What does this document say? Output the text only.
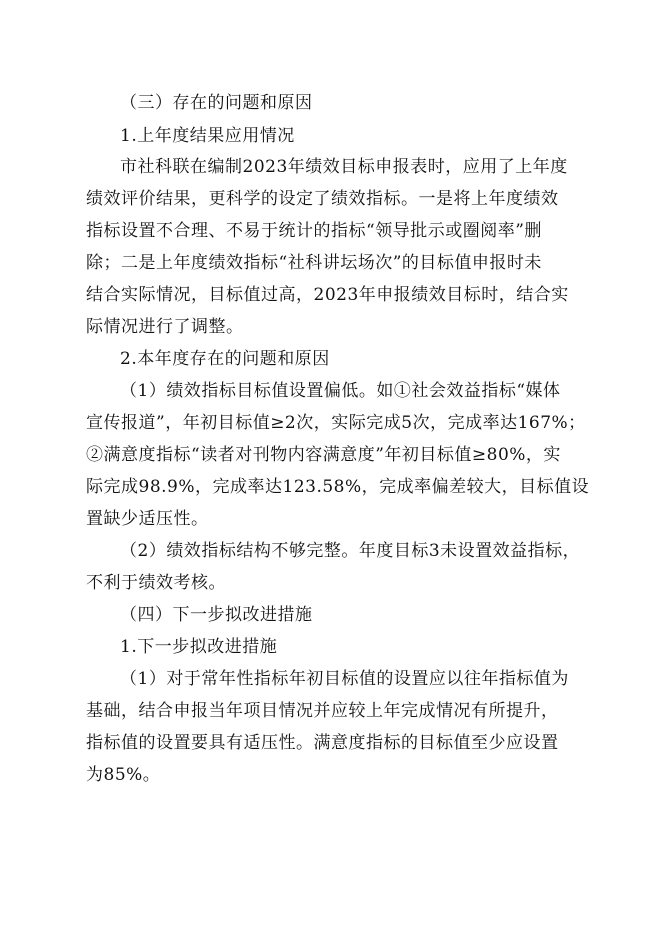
（三）存在的问题和原因
1.上年度结果应用情况
市社科联在编制2023年绩效目标申报表时，应用了上年度
绩效评价结果，更科学的设定了绩效指标。一是将上年度绩效
指标设置不合理、不易于统计的指标“领导批示或圈阅率”删
除；二是上年度绩效指标“社科讲坛场次”的目标值申报时未
结合实际情况，目标值过高，2023年申报绩效目标时，结合实
际情况进行了调整。
2.本年度存在的问题和原因
（1）绩效指标目标值设置偏低。如①社会效益指标“媒体
宣传报道”，年初目标值≥2次，实际完成5次，完成率达167%；
②满意度指标“读者对刊物内容满意度”年初目标值≥80%，实
际完成98.9%，完成率达123.58%，完成率偏差较大，目标值设
置缺少适压性。
（2）绩效指标结构不够完整。年度目标3未设置效益指标，
不利于绩效考核。
（四）下一步拟改进措施
1.下一步拟改进措施
（1）对于常年性指标年初目标值的设置应以往年指标值为
基础，结合申报当年项目情况并应较上年完成情况有所提升，
指标值的设置要具有适压性。满意度指标的目标值至少应设置
为85%。
